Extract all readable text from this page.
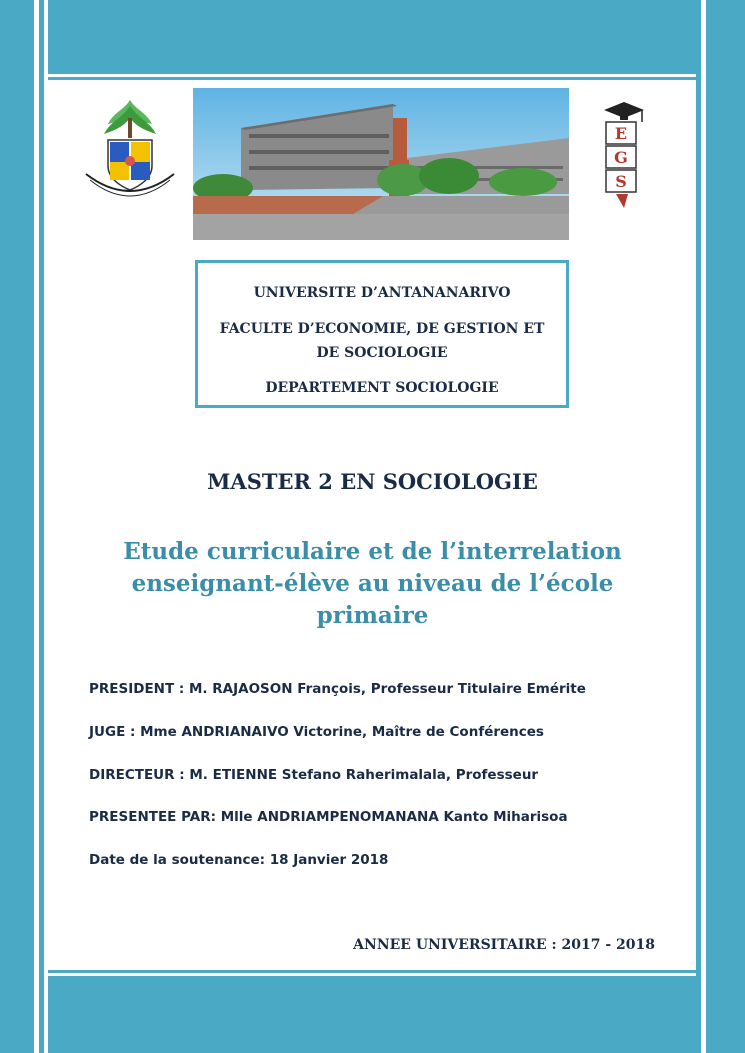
E
G
S
UNIVERSITE D’ANTANANARIVO
FACULTE D’ECONOMIE, DE GESTION ET
DE SOCIOLOGIE
DEPARTEMENT SOCIOLOGIE
MASTER 2 EN SOCIOLOGIE
Etude curriculaire et de l’interrelation
enseignant-élève au niveau de l’école
primaire
PRESIDENT : M. RAJAOSON François, Professeur Titulaire Emérite
JUGE : Mme ANDRIANAIVO Victorine, Maître de Conférences
DIRECTEUR : M. ETIENNE Stefano Raherimalala, Professeur
PRESENTEE PAR: Mlle ANDRIAMPENOMANANA Kanto Miharisoa
Date de la soutenance: 18 Janvier 2018
ANNEE UNIVERSITAIRE : 2017 - 2018
